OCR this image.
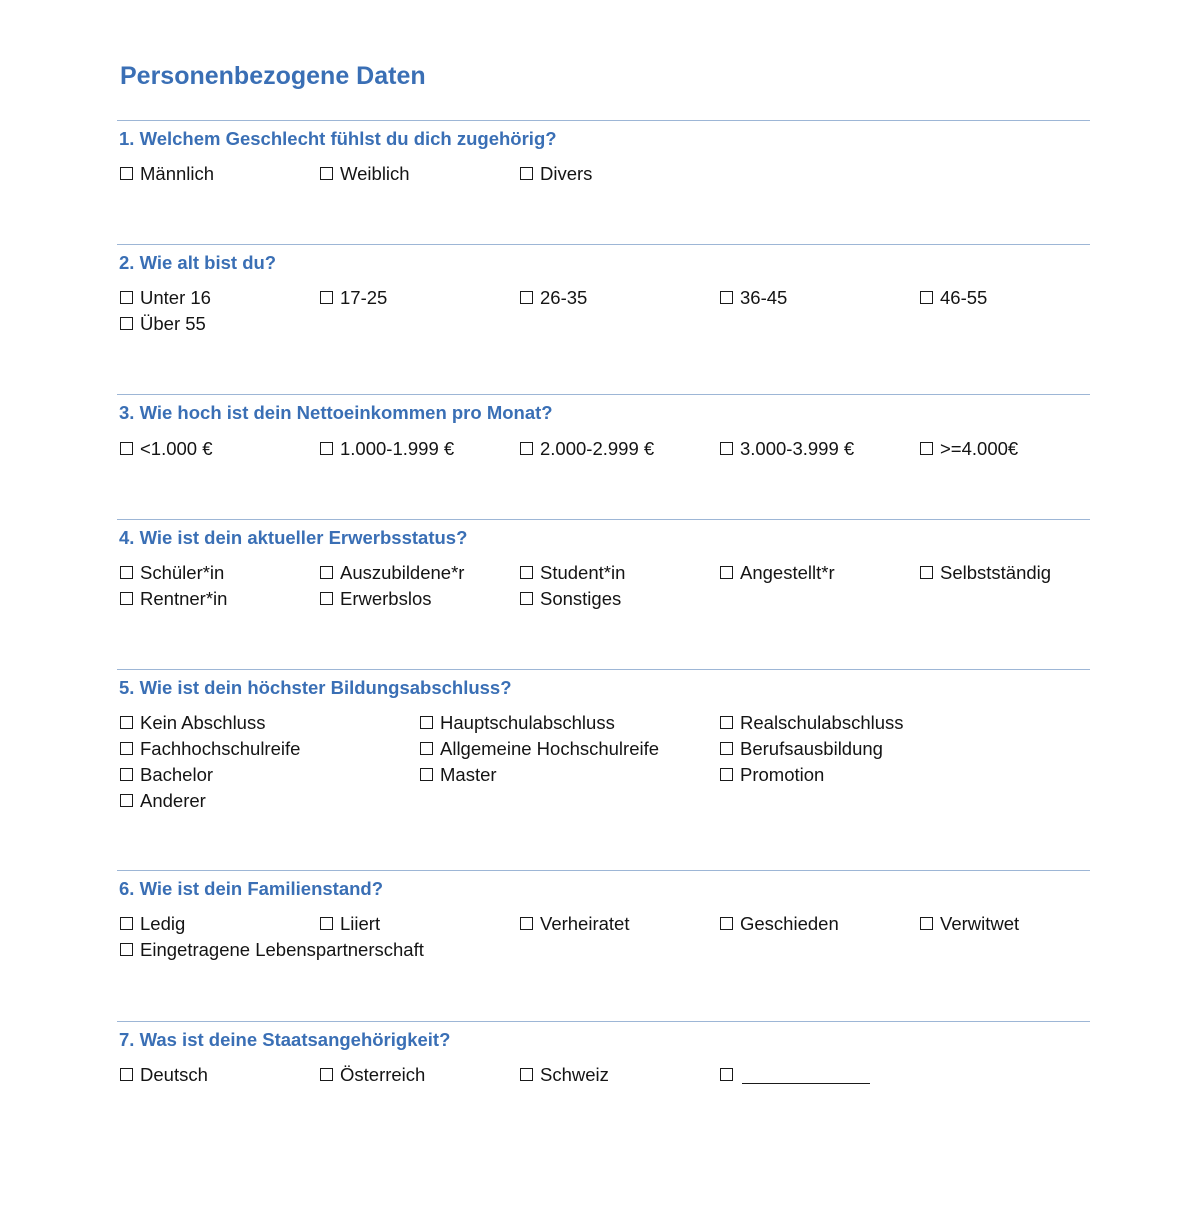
Personenbezogene Daten
1. Welchem Geschlecht fühlst du dich zugehörig?
Männlich	Weiblich	Divers
2. Wie alt bist du?
Unter 16	17-25	26-35	36-45	46-55
Über 55
3. Wie hoch ist dein Nettoeinkommen pro Monat?
<1.000 €	1.000-1.999 €	2.000-2.999 €	3.000-3.999 €	>=4.000€
4. Wie ist dein aktueller Erwerbsstatus?
Schüler*in	Auszubildene*r	Student*in	Angestellt*r	Selbstständig
Rentner*in	Erwerbslos	Sonstiges
5. Wie ist dein höchster Bildungsabschluss?
Kein Abschluss	Hauptschulabschluss	Realschulabschluss
Fachhochschulreife	Allgemeine Hochschulreife	Berufsausbildung
Bachelor	Master	Promotion
Anderer
6. Wie ist dein Familienstand?
Ledig	Liiert	Verheiratet	Geschieden	Verwitwet
Eingetragene Lebenspartnerschaft
7. Was ist deine Staatsangehörigkeit?
Deutsch	Österreich	Schweiz
